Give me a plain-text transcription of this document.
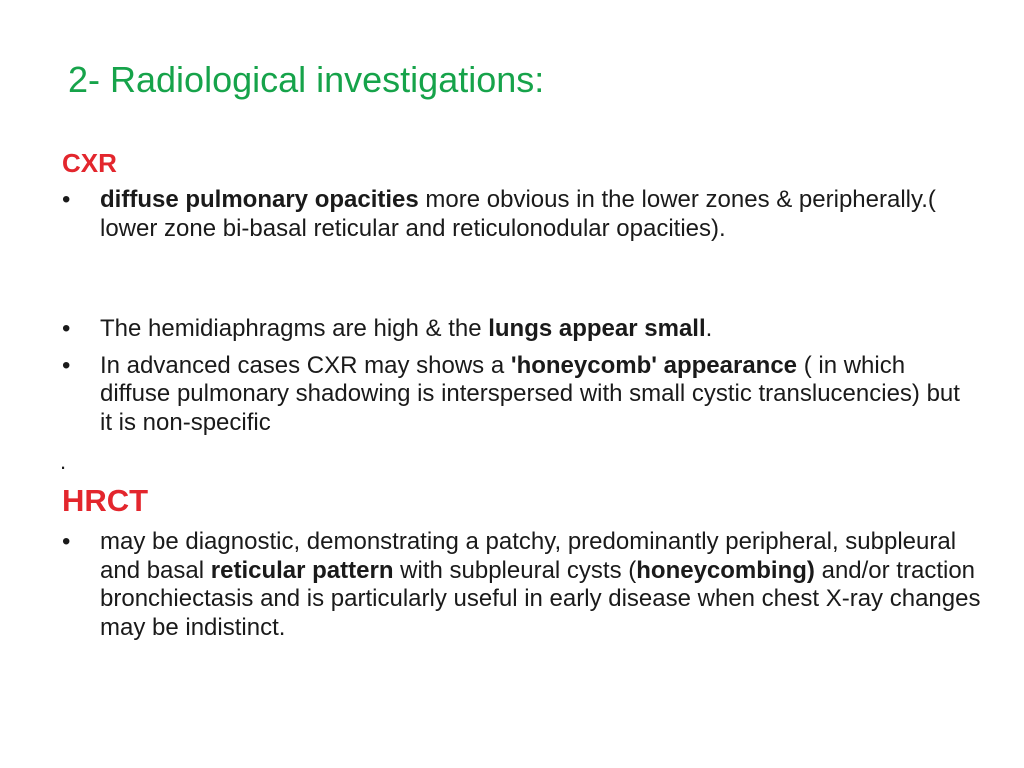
2- Radiological investigations:
CXR
•	diffuse pulmonary opacities more obvious in the lower zones & peripherally.( lower zone bi-basal reticular and reticulonodular opacities).
•	The hemidiaphragms are high & the lungs appear small.
•	In advanced cases CXR may shows a 'honeycomb' appearance ( in which diffuse pulmonary shadowing is interspersed with small cystic translucencies) but it is non-specific

.

HRCT
•	may be diagnostic, demonstrating a patchy, predominantly peripheral, subpleural and basal reticular pattern with subpleural cysts (honeycombing) and/or traction bronchiectasis and is particularly useful in early disease when chest X-ray changes may be indistinct.
